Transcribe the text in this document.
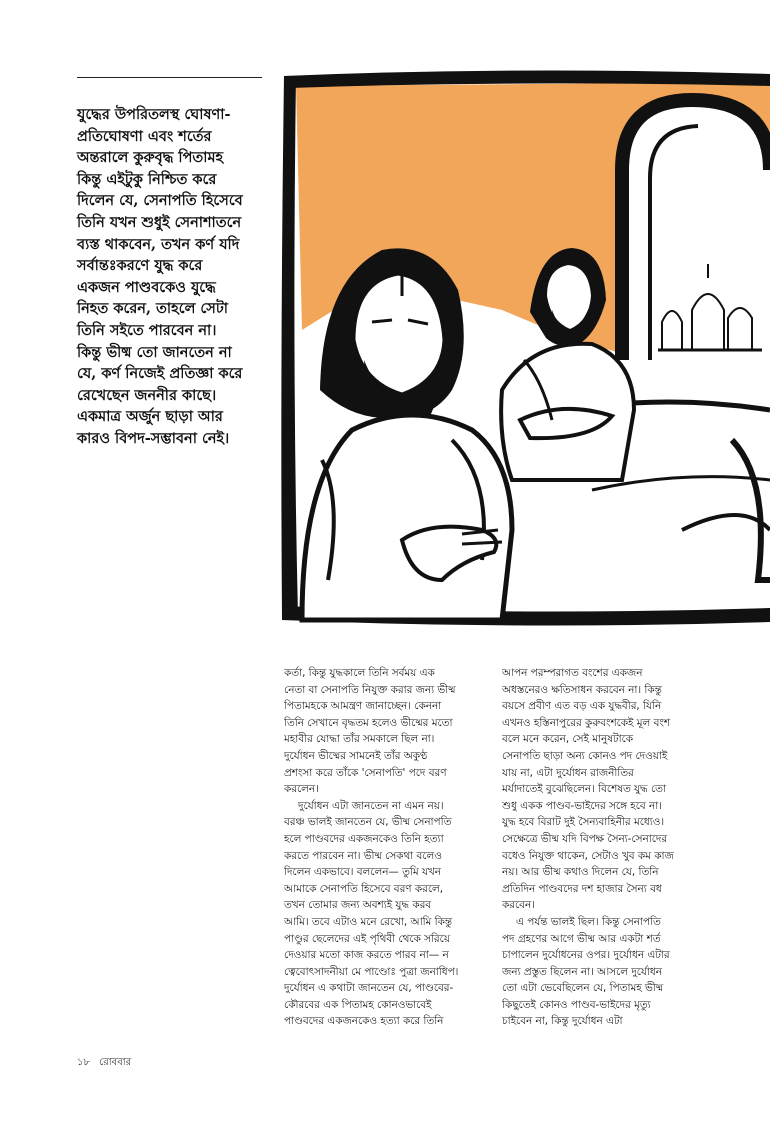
যুদ্ধের উপরিতলস্থ ঘোষণা-
প্রতিঘোষণা এবং শর্তের
অন্তরালে কুরুবৃদ্ধ পিতামহ
কিন্তু এইটুকু নিশ্চিত করে
দিলেন যে, সেনাপতি হিসেবে
তিনি যখন শুধুই সেনাশাতনে
ব্যস্ত থাকবেন, তখন কর্ণ যদি
সর্বান্তঃকরণে যুদ্ধ করে
একজন পাণ্ডবকেও যুদ্ধে
নিহত করেন, তাহলে সেটা
তিনি সইতে পারবেন না।
কিন্তু ভীষ্ম তো জানতেন না
যে, কর্ণ নিজেই প্রতিজ্ঞা করে
রেখেছেন জননীর কাছে।
একমাত্র অর্জুন ছাড়া আর
কারও বিপদ-সম্ভাবনা নেই।
কর্তা, কিন্তু যুদ্ধকালে তিনি সর্বময় এক
নেতা বা সেনাপতি নিযুক্ত করার জন্য ভীষ্ম
পিতামহকে আমন্ত্রণ জানাচ্ছেন। কেননা
তিনি সেখানে বৃদ্ধতম হলেও ভীষ্মের মতো
মহাবীর যোদ্ধা তাঁর সমকালে ছিল না।
দুর্যোধন ভীষ্মের সামনেই তাঁর অকুণ্ঠ
প্রশংসা করে তাঁকে 'সেনাপতি' পদে বরণ
করলেন।
দুর্যোধন এটা জানতেন না এমন নয়।
বরঞ্চ ভালই জানতেন যে, ভীষ্ম সেনাপতি
হলে পাণ্ডবদের একজনকেও তিনি হত্যা
করতে পারবেন না। ভীষ্ম সেকথা বলেও
দিলেন একভাবে। বললেন— তুমি যখন
আমাকে সেনাপতি হিসেবে বরণ করলে,
তখন তোমার জন্য অবশ্যই যুদ্ধ করব
আমি। তবে এটাও মনে রেখো, আমি কিন্তু
পাণ্ডুর ছেলেদের এই পৃথিবী থেকে সরিয়ে
দেওয়ার মতো কাজ করতে পারব না— ন
ত্বেবোৎসাদনীয়া মে পাণ্ডোঃ পুত্রা জনাধিপ।
দুর্যোধন এ কথাটা জানতেন যে, পাণ্ডবের-
কৌরবের এক পিতামহ কোনওভাবেই
পাণ্ডবদের একজনকেও হত্যা করে তিনি
আপন পরম্পরাগত বংশের একজন
অধস্তনেরও ক্ষতিসাধন করবেন না। কিন্তু
বয়সে প্রবীণ এত বড় এক যুদ্ধবীর, যিনি
এখনও হস্তিনাপুরের কুরুবংশকেই মূল বংশ
বলে মনে করেন, সেই মানুষটাকে
সেনাপতি ছাড়া অন্য কোনও পদ দেওয়াই
যায় না, এটা দুর্যোধন রাজনীতির
মর্যাদাতেই বুঝেছিলেন। বিশেষত যুদ্ধ তো
শুধু একক পাণ্ডব-ভাইদের সঙ্গে হবে না।
যুদ্ধ হবে বিরাট দুই সৈন্যবাহিনীর মধ্যেও।
সেক্ষেত্রে ভীষ্ম যদি বিপক্ষ সৈন্য-সেনাদের
বধেও নিযুক্ত থাকেন, সেটাও খুব কম কাজ
নয়। আর ভীষ্ম কথাও দিলেন যে, তিনি
প্রতিদিন পাণ্ডবদের দশ হাজার সৈন্য বধ
করবেন।
এ পর্যন্ত ভালই ছিল। কিন্তু সেনাপতি
পদ গ্রহণের আগে ভীষ্ম আর একটা শর্ত
চাপালেন দুর্যোধনের ওপর। দুর্যোধন এটার
জন্য প্রস্তুত ছিলেন না। আসলে দুর্যোধন
তো এটা ভেবেছিলেন যে, পিতামহ ভীষ্ম
কিছুতেই কোনও পাণ্ডব-ভাইদের মৃত্যু
চাইবেন না, কিন্তু দুর্যোধন এটা
১৮ রোববার
